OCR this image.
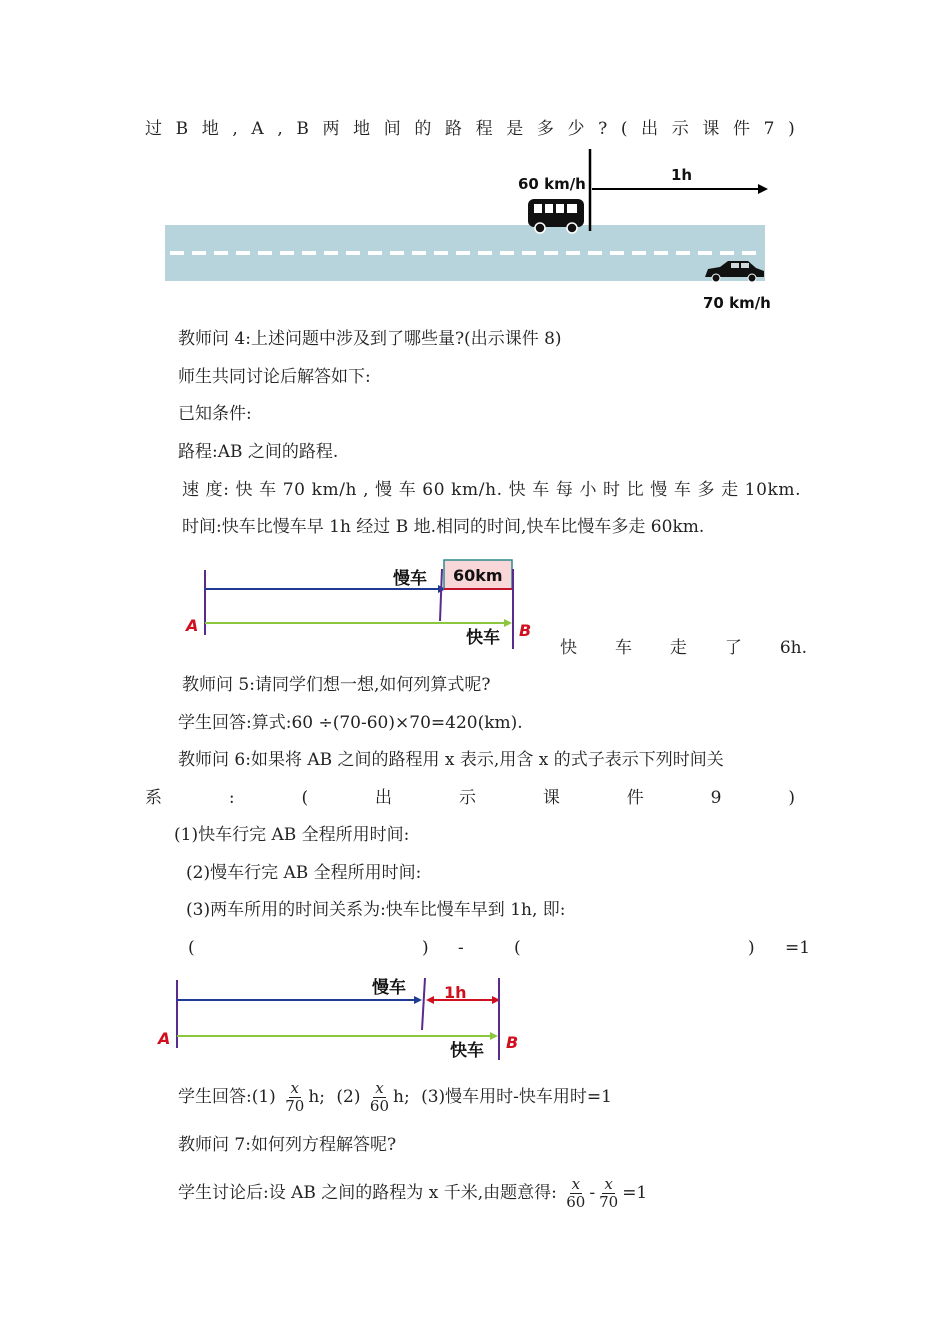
过 B 地 , A , B 两 地 间 的 路 程 是 多 少 ? ( 出 示 课 件 7 )
60 km/h	1h
70 km/h
教师问 4:上述问题中涉及到了哪些量?(出示课件 8)
师生共同讨论后解答如下:
已知条件:
路程:AB 之间的路程.
速 度: 快 车 70 km/h , 慢 车 60 km/h. 快 车 每 小 时 比 慢 车 多 走 10km.
时间:快车比慢车早 1h 经过 B 地.相同的时间,快车比慢车多走 60km.
慢车 60km
A
快车 B
快 车 走 了 6h.
教师问 5:请同学们想一想,如何列算式呢?
学生回答:算式:60 ÷(70-60)×70=420(km).
教师问 6:如果将 AB 之间的路程用 x 表示,用含 x 的式子表示下列时间关
系	:	(	出	示	课	件	9	)
(1)快车行完 AB 全程所用时间:
(2)慢车行完 AB 全程所用时间:
(3)两车所用的时间关系为:快车比慢车早到 1h, 即:
(	) -	(	) =1
慢车 1h
A
快车 B
学生回答:(1) $\frac{x}{70} h$; $(2) \frac{x}{60} h$; (3)慢车用时-快车用时=1
教师问 7:如何列方程解答呢?
学生讨论后:设 AB 之间的路程为 x 千米,由题意得: $\frac{x}{60} - \frac{x}{70} =1$
